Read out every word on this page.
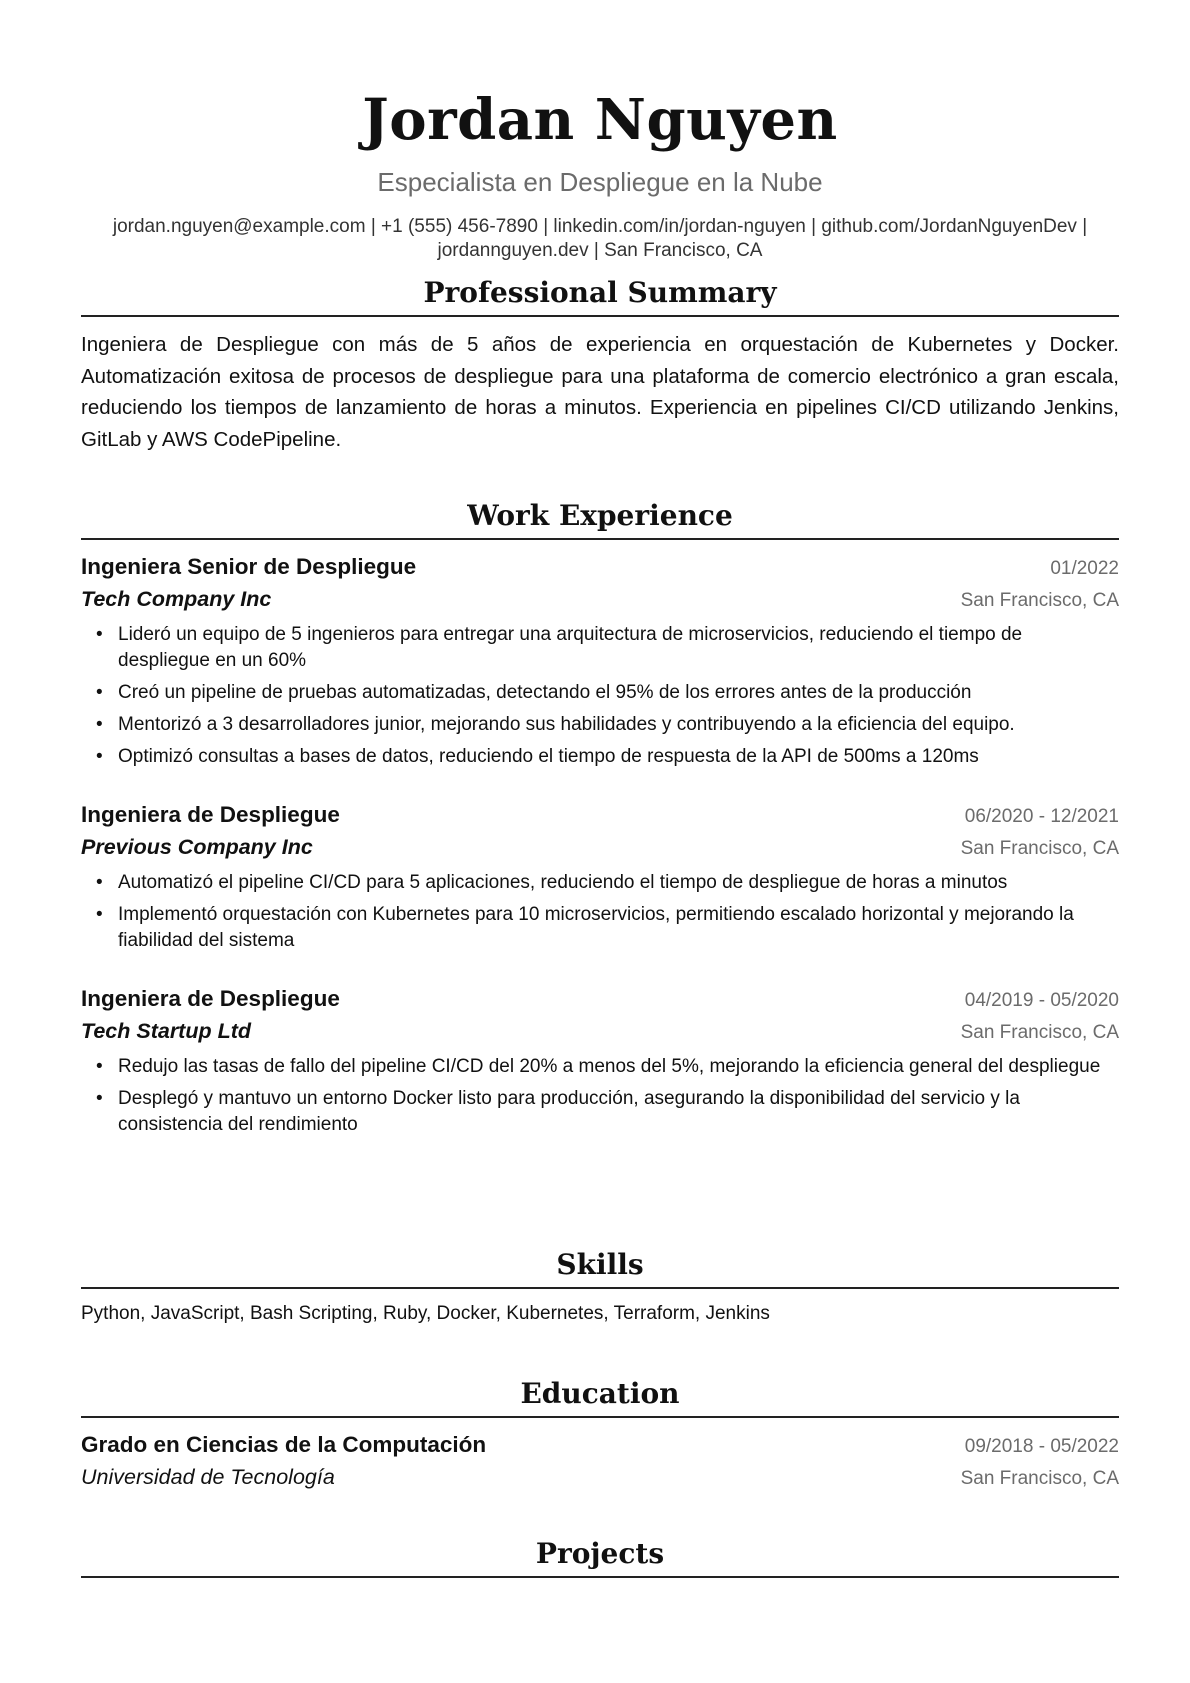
Jordan Nguyen
Especialista en Despliegue en la Nube
jordan.nguyen@example.com | +1 (555) 456-7890 | linkedin.com/in/jordan-nguyen | github.com/JordanNguyenDev |
jordannguyen.dev | San Francisco, CA
Professional Summary
Ingeniera de Despliegue con más de 5 años de experiencia en orquestación de Kubernetes y Docker. Automatización exitosa de procesos de despliegue para una plataforma de comercio electrónico a gran escala, reduciendo los tiempos de lanzamiento de horas a minutos. Experiencia en pipelines CI/CD utilizando Jenkins, GitLab y AWS CodePipeline.
Work Experience
Ingeniera Senior de Despliegue	01/2022
Tech Company Inc	San Francisco, CA
• Lideró un equipo de 5 ingenieros para entregar una arquitectura de microservicios, reduciendo el tiempo de despliegue en un 60%
• Creó un pipeline de pruebas automatizadas, detectando el 95% de los errores antes de la producción
• Mentorizó a 3 desarrolladores junior, mejorando sus habilidades y contribuyendo a la eficiencia del equipo.
• Optimizó consultas a bases de datos, reduciendo el tiempo de respuesta de la API de 500ms a 120ms
Ingeniera de Despliegue	06/2020 - 12/2021
Previous Company Inc	San Francisco, CA
• Automatizó el pipeline CI/CD para 5 aplicaciones, reduciendo el tiempo de despliegue de horas a minutos
• Implementó orquestación con Kubernetes para 10 microservicios, permitiendo escalado horizontal y mejorando la fiabilidad del sistema
Ingeniera de Despliegue	04/2019 - 05/2020
Tech Startup Ltd	San Francisco, CA
• Redujo las tasas de fallo del pipeline CI/CD del 20% a menos del 5%, mejorando la eficiencia general del despliegue
• Desplegó y mantuvo un entorno Docker listo para producción, asegurando la disponibilidad del servicio y la consistencia del rendimiento
Skills
Python, JavaScript, Bash Scripting, Ruby, Docker, Kubernetes, Terraform, Jenkins
Education
Grado en Ciencias de la Computación	09/2018 - 05/2022
Universidad de Tecnología	San Francisco, CA
Projects
